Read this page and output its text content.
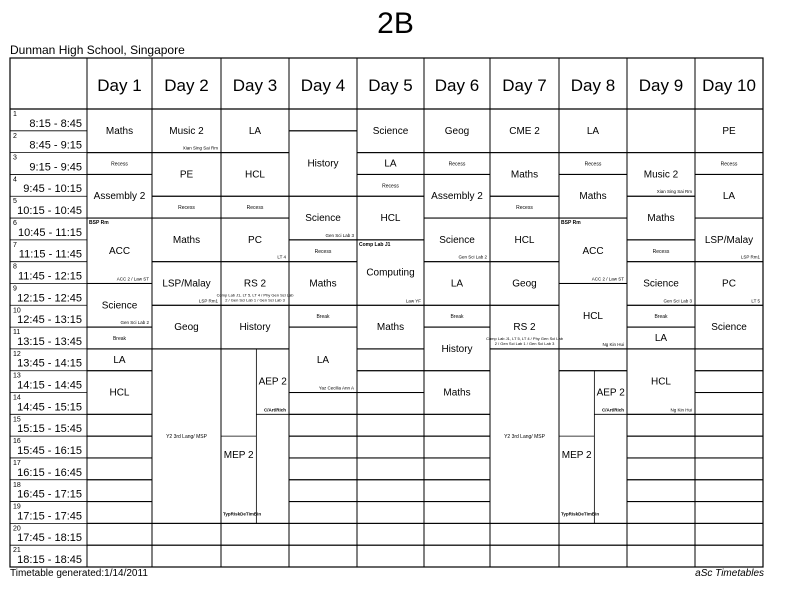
2B
Dunman High School, Singapore
Day 1 Day 2 Day 3 Day 4 Day 5 Day 6 Day 7 Day 8 Day 9 Day 10
1
8:15 - 8:45
2
8:45 - 9:15
3
9:15 - 9:45
4
9:45 - 10:15
5
10:15 - 10:45
6
10:45 - 11:15
7
11:15 - 11:45
8
11:45 - 12:15
9
12:15 - 12:45
10
12:45 - 13:15
11
13:15 - 13:45
12
13:45 - 14:15
13
14:15 - 14:45
14
14:45 - 15:15
15
15:15 - 15:45
16
15:45 - 16:15
17
16:15 - 16:45
18
16:45 - 17:15
19
17:15 - 17:45
20
17:45 - 18:15
21
18:15 - 18:45
Maths
Recess
Assembly 2
ACC
BSP Rm
ACC 2 / Law ST
Science
Gen Sci Lab 2
Break
LA
HCL
Music 2
Xian Sing Sai Rm
PE
Recess
Maths
LSP/Malay
LSP Rm1
Geog
Y2 3rd Lang/ MSP
LA
HCL
Recess
PC
LT 4
RS 2
Comp Lab J1, LT 5, LT 4 / Phy Gen Sci Lab
2 / Gen Sci Lab 1 / Gen Sci Lab 3
History
History
Science
Gen Sci Lab 3
Recess
Maths
Break
LA
Yaz Cecilia Ann A
Science
LA
Recess
HCL
Computing
Comp Lab J1
Law YF
Maths
Geog
Recess
Assembly 2
Science
Gen Sci Lab 2
LA
Break
History
Maths
CME 2
Maths
Recess
HCL
Geog
RS 2
Comp Lab J1, LT 5, LT 4 / Phy Gen Sci Lab
2 / Gen Sci Lab 1 / Gen Sci Lab 3
Y2 3rd Lang/ MSP
LA
Recess
Maths
ACC
BSP Rm
ACC 2 / Law ST
HCL
Ng Kin Hui
Music 2
Xian Sing Sai Rm
Maths
Recess
Science
Gen Sci Lab 3
Break
LA
HCL
Ng Kin Hui
PE
Recess
LA
LSP/Malay
LSP Rm1
PC
LT 5
Science
AEP 2
C/Art/Rich
MEP 2
TypRiskDeTimBin
AEP 2
C/Art/Rich
MEP 2
TypRiskDeTimBin
Timetable generated:1/14/2011	aSc Timetables
